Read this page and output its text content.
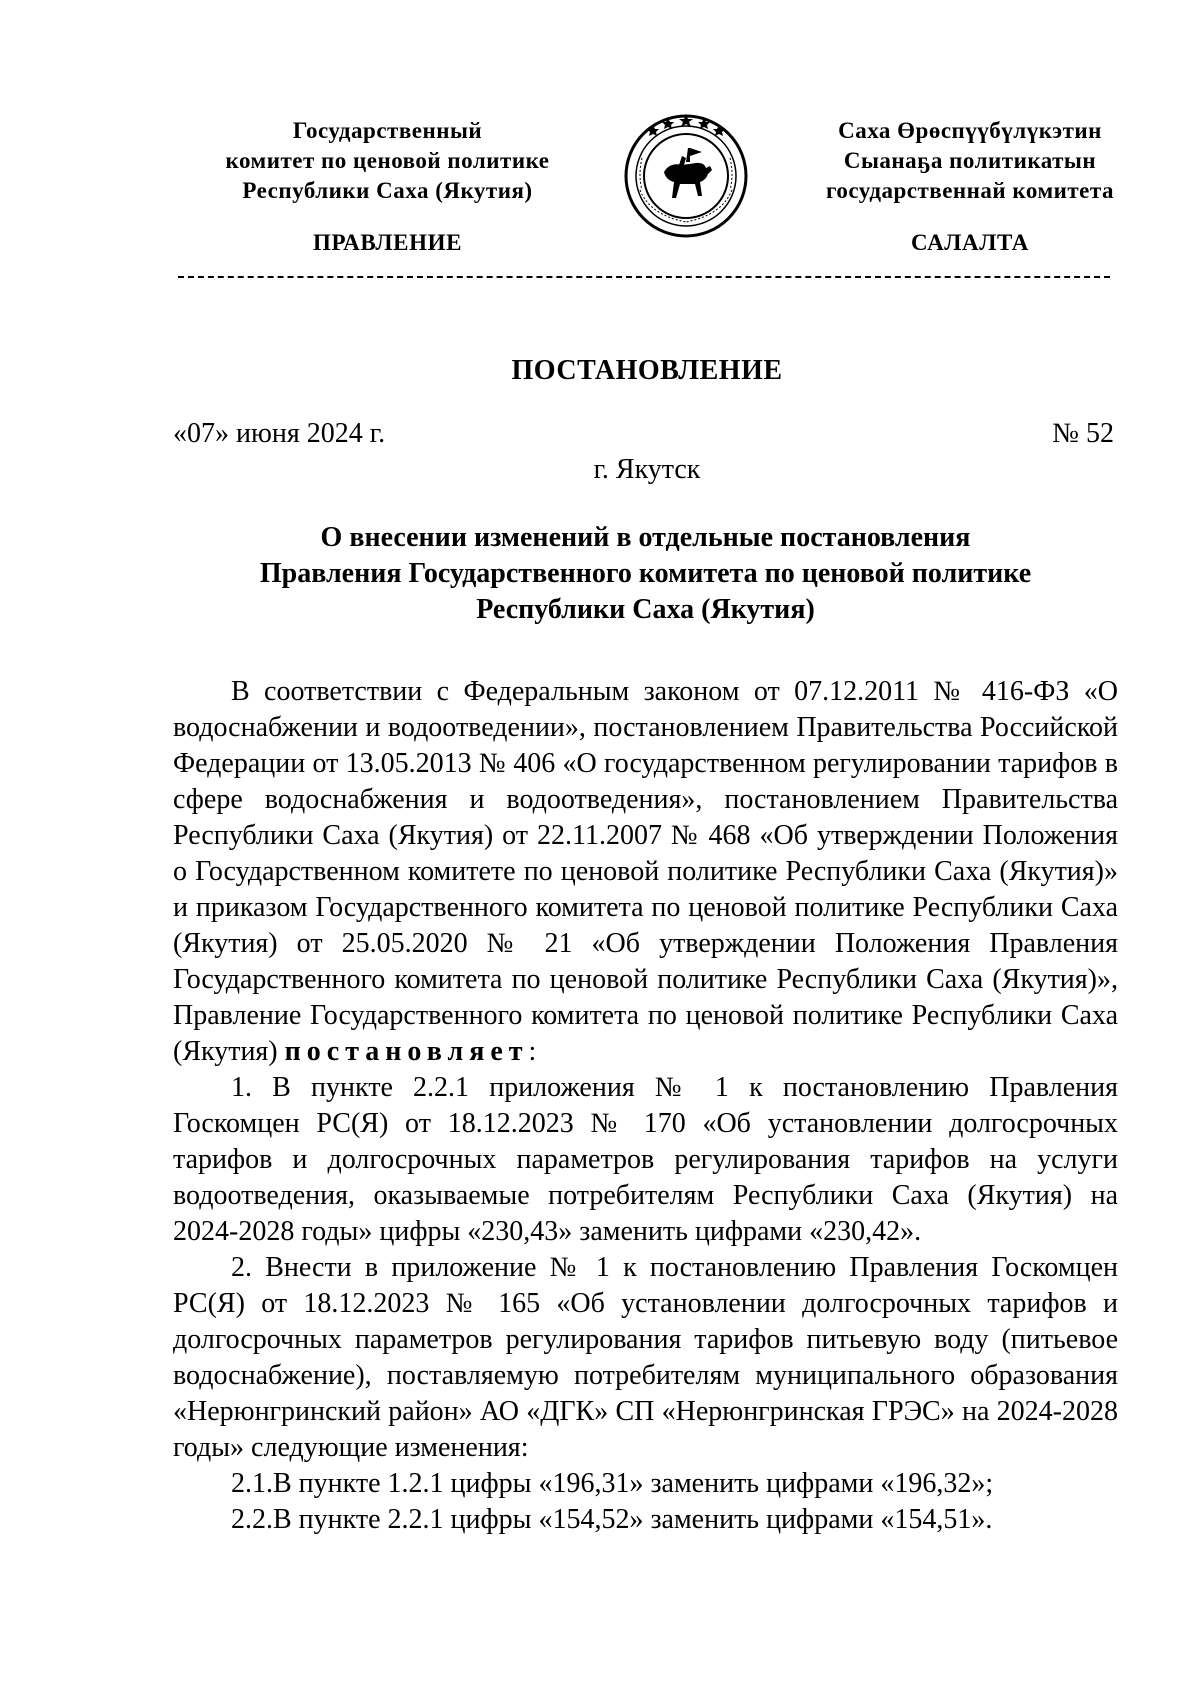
Государственный
комитет по ценовой политике
Республики Саха (Якутия)
Саха Өрөспүүбүлүкэтин
Сыанаҕа политикатын
государственнай комитета
ПРАВЛЕНИЕ	САЛАЛТА
ПОСТАНОВЛЕНИЕ
«07» июня 2024 г.	№ 52
г. Якутск
О внесении изменений в отдельные постановления
Правления Государственного комитета по ценовой политике
Республики Саха (Якутия)

В соответствии с Федеральным законом от 07.12.2011 № 416-ФЗ «О водоснабжении и водоотведении», постановлением Правительства Российской Федерации от 13.05.2013 № 406 «О государственном регулировании тарифов в сфере водоснабжения и водоотведения», постановлением Правительства Республики Саха (Якутия) от 22.11.2007 № 468 «Об утверждении Положения о Государственном комитете по ценовой политике Республики Саха (Якутия)» и приказом Государственного комитета по ценовой политике Республики Саха (Якутия) от 25.05.2020 № 21 «Об утверждении Положения Правления Государственного комитета по ценовой политике Республики Саха (Якутия)», Правление Государственного комитета по ценовой политике Республики Саха (Якутия) постановляет:

1. В пункте 2.2.1 приложения № 1 к постановлению Правления Госкомцен РС(Я) от 18.12.2023 № 170 «Об установлении долгосрочных тарифов и долгосрочных параметров регулирования тарифов на услуги водоотведения, оказываемые потребителям Республики Саха (Якутия) на 2024-2028 годы» цифры «230,43» заменить цифрами «230,42».

2. Внести в приложение № 1 к постановлению Правления Госкомцен РС(Я) от 18.12.2023 № 165 «Об установлении долгосрочных тарифов и долгосрочных параметров регулирования тарифов питьевую воду (питьевое водоснабжение), поставляемую потребителям муниципального образования «Нерюнгринский район» АО «ДГК» СП «Нерюнгринская ГРЭС» на 2024-2028 годы» следующие изменения:

2.1.В пункте 1.2.1 цифры «196,31» заменить цифрами «196,32»;

2.2.В пункте 2.2.1 цифры «154,52» заменить цифрами «154,51».
